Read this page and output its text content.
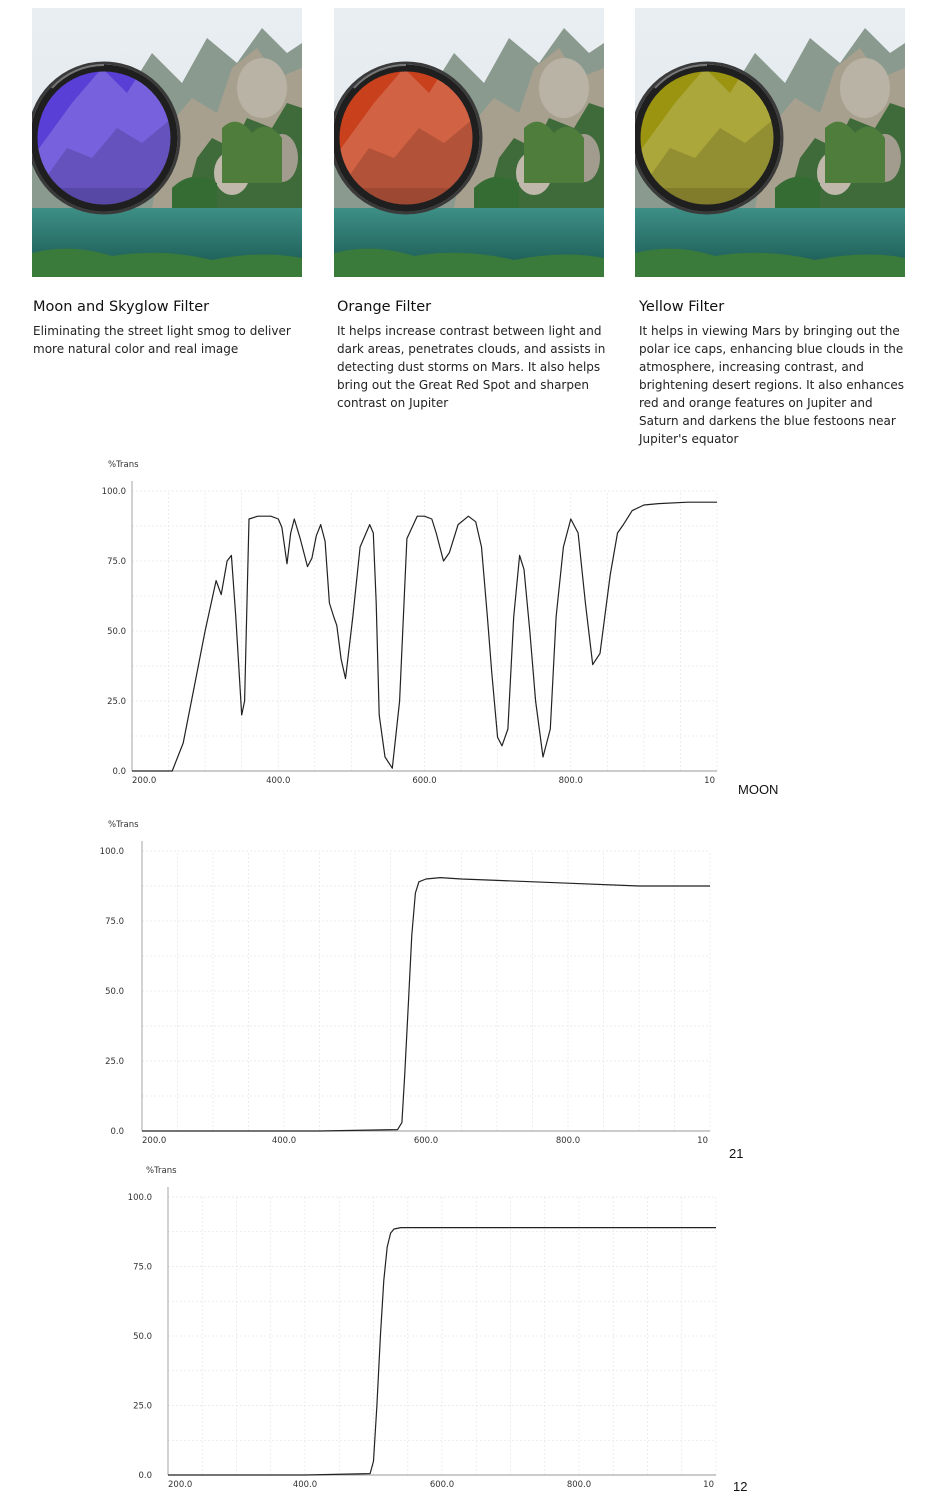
Moon and Skyglow Filter

Eliminating the street light smog to deliver more natural color and real image

Orange Filter

It helps increase contrast between light and dark areas, penetrates clouds, and assists in detecting dust storms on Mars. It also helps bring out the Great Red Spot and sharpen contrast on Jupiter

Yellow Filter

It helps in viewing Mars by bringing out the polar ice caps, enhancing blue clouds in the atmosphere, increasing contrast, and brightening desert regions. It also enhances red and orange features on Jupiter and Saturn and darkens the blue festoons near Jupiter's equator

%Trans
0.0
25.0
50.0
75.0
100.0
200.0	400.0	600.0	800.0	10
MOON
%Trans
0.0
25.0
50.0
75.0
100.0
200.0	400.0	600.0	800.0	10
21
%Trans
0.0
25.0
50.0
75.0
100.0
200.0	400.0	600.0	800.0	10 12
